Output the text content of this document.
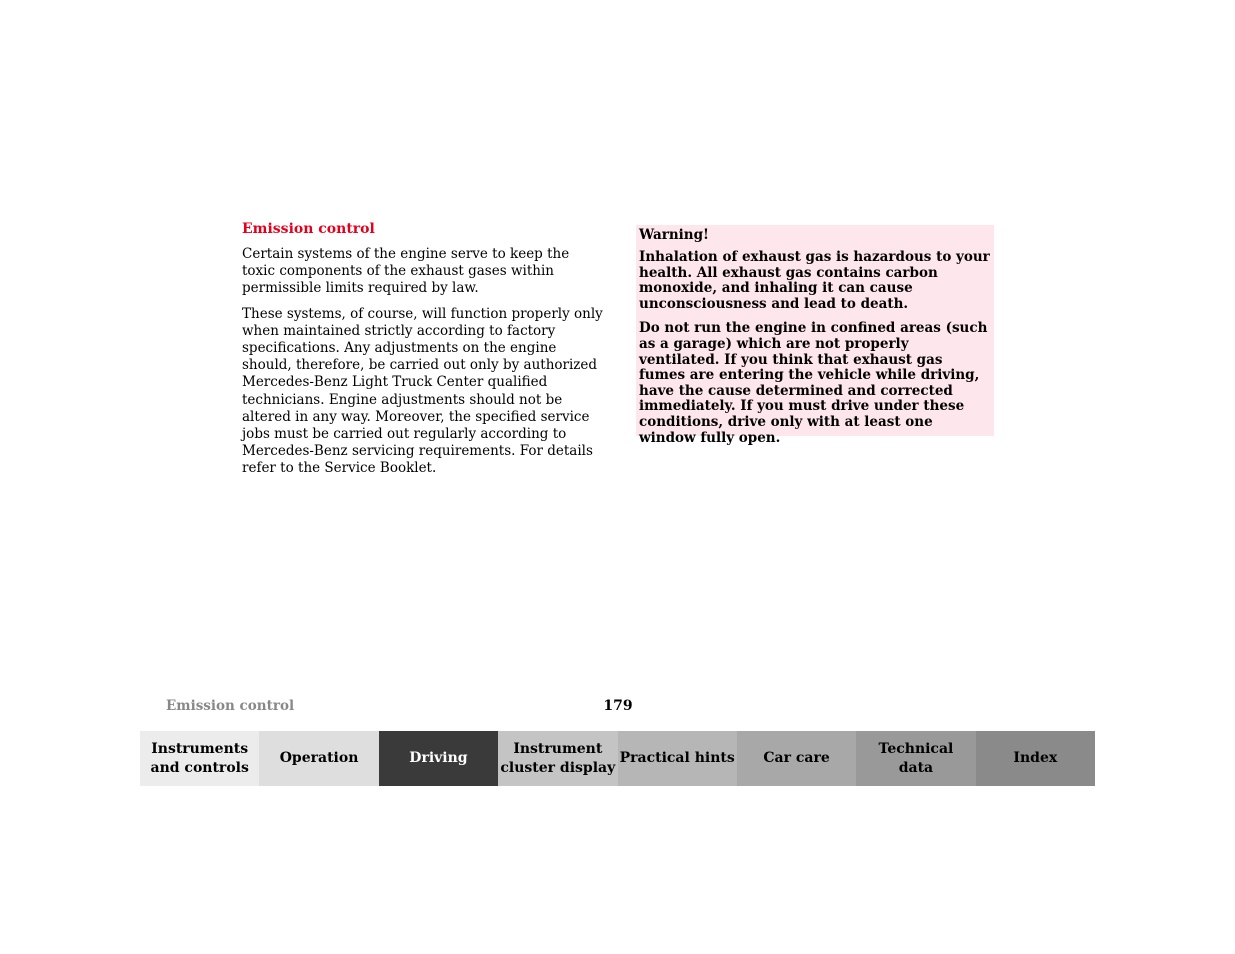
Emission control

Certain systems of the engine serve to keep the toxic components of the exhaust gases within permissible limits required by law.

These systems, of course, will function properly only when maintained strictly according to factory specifications. Any adjustments on the engine should, therefore, be carried out only by authorized Mercedes-Benz Light Truck Center qualified technicians. Engine adjustments should not be altered in any way. Moreover, the specified service jobs must be carried out regularly according to Mercedes-Benz servicing requirements. For details refer to the Service Booklet.

Warning!

Inhalation of exhaust gas is hazardous to your health. All exhaust gas contains carbon monoxide, and inhaling it can cause unconsciousness and lead to death.

Do not run the engine in confined areas (such as a garage) which are not properly ventilated. If you think that exhaust gas fumes are entering the vehicle while driving, have the cause determined and corrected immediately. If you must drive under these conditions, drive only with at least one window fully open.

Emission control	179
Instruments
and controls
Operation	Driving
Instrument
cluster display
Practical hints	Car care
Technical
data
Index
